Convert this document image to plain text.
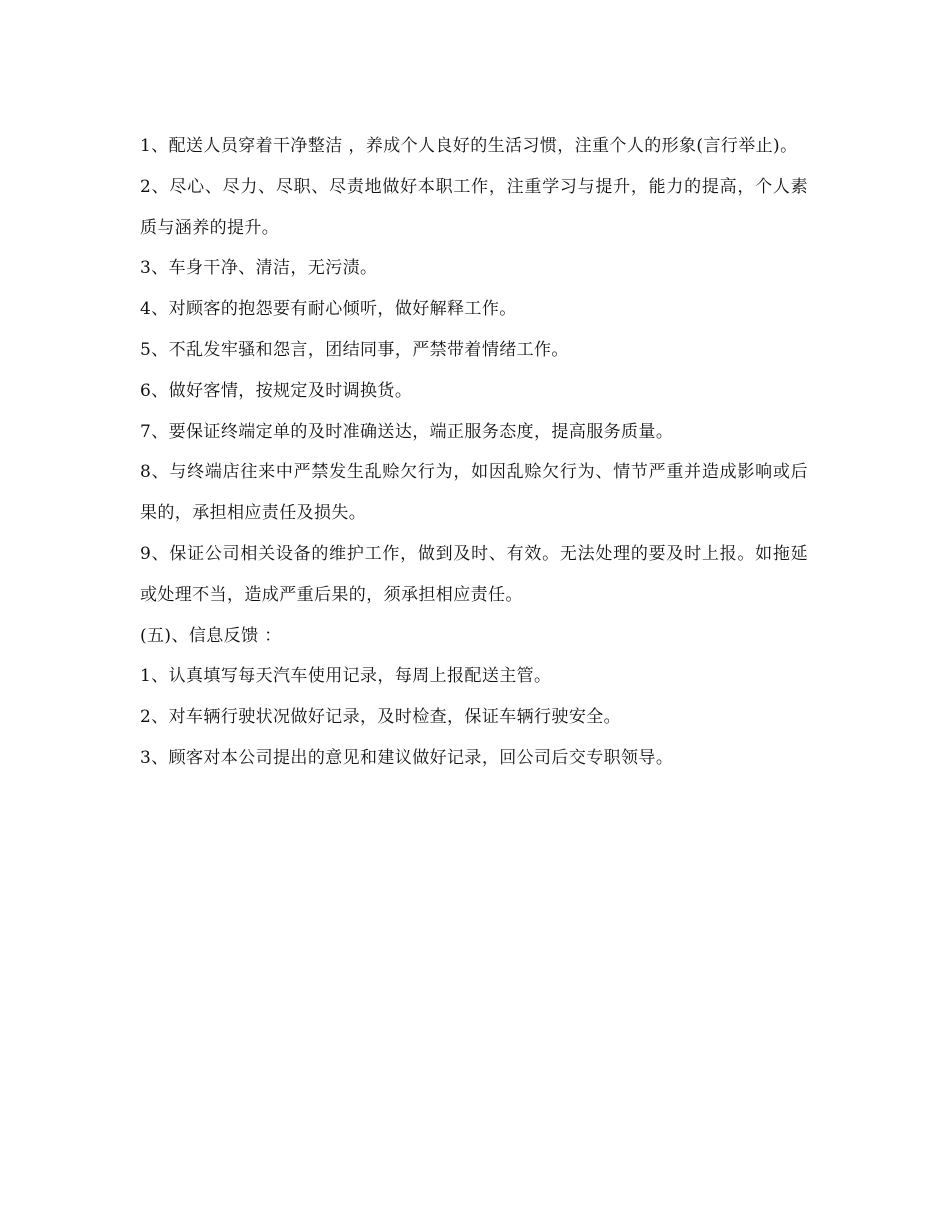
1、配送人员穿着干净整洁 ，养成个人良好的生活习惯，注重个人的形象(言行举止)。

2、尽心、尽力、尽职、尽责地做好本职工作，注重学习与提升，能力的提高，个人素质与涵养的提升。

3、车身干净、清洁，无污渍。

4、对顾客的抱怨要有耐心倾听，做好解释工作。

5、不乱发牢骚和怨言，团结同事，严禁带着情绪工作。

6、做好客情，按规定及时调换货。

7、要保证终端定单的及时准确送达，端正服务态度，提高服务质量。

8、与终端店往来中严禁发生乱赊欠行为，如因乱赊欠行为、情节严重并造成影响或后果的，承担相应责任及损失。

9、保证公司相关设备的维护工作，做到及时、有效。无法处理的要及时上报。如拖延或处理不当，造成严重后果的，须承担相应责任。

(五)、信息反馈 ：

1、认真填写每天汽车使用记录，每周上报配送主管。

2、对车辆行驶状况做好记录，及时检查，保证车辆行驶安全。

3、顾客对本公司提出的意见和建议做好记录，回公司后交专职领导。
